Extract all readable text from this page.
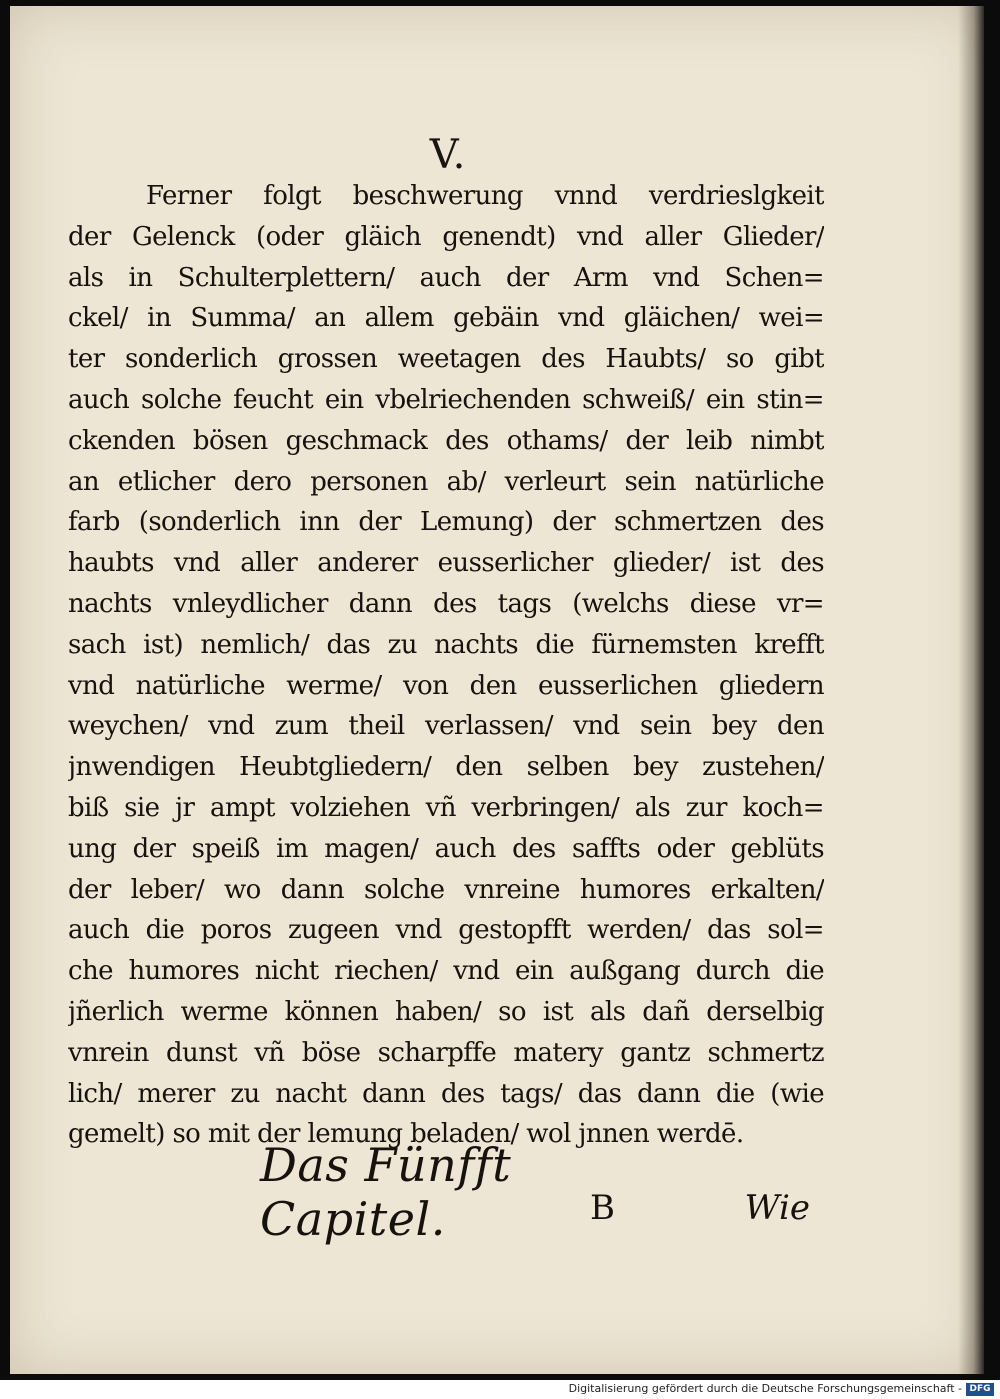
V.
Ferner folgt beschwerung vnnd verdrieslgkeit
der Gelenck (oder gläich genendt) vnd aller Glieder/
als in Schulterplettern/ auch der Arm vnd Schen=
ckel/ in Summa/ an allem gebäin vnd gläichen/ wei=
ter sonderlich grossen weetagen des Haubts/ so gibt
auch solche feucht ein vbelriechenden schweiß/ ein stin=
ckenden bösen geschmack des othams/ der leib nimbt
an etlicher dero personen ab/ verleurt sein natürliche
farb (sonderlich inn der Lemung) der schmertzen des
haubts vnd aller anderer eusserlicher glieder/ ist des
nachts vnleydlicher dann des tags (welchs diese vr=
sach ist) nemlich/ das zu nachts die fürnemsten krefft
vnd natürliche werme/ von den eusserlichen gliedern
weychen/ vnd zum theil verlassen/ vnd sein bey den
jnwendigen Heubtgliedern/ den selben bey zustehen/
biß sie jr ampt volziehen vñ verbringen/ als zur koch=
ung der speiß im magen/ auch des saffts oder geblüts
der leber/ wo dann solche vnreine humores erkalten/
auch die poros zugeen vnd gestopfft werden/ das sol=
che humores nicht riechen/ vnd ein außgang durch die
jñerlich werme können haben/ so ist als dañ derselbig
vnrein dunst vñ böse scharpffe matery gantz schmertz
lich/ merer zu nacht dann des tags/ das dann die (wie
gemelt) so mit der lemung beladen/ wol jnnen werdē.
Das Fünfft Capitel.	B	Wie
Digitalisierung gefördert durch die Deutsche Forschungsgemeinschaft - DFG
